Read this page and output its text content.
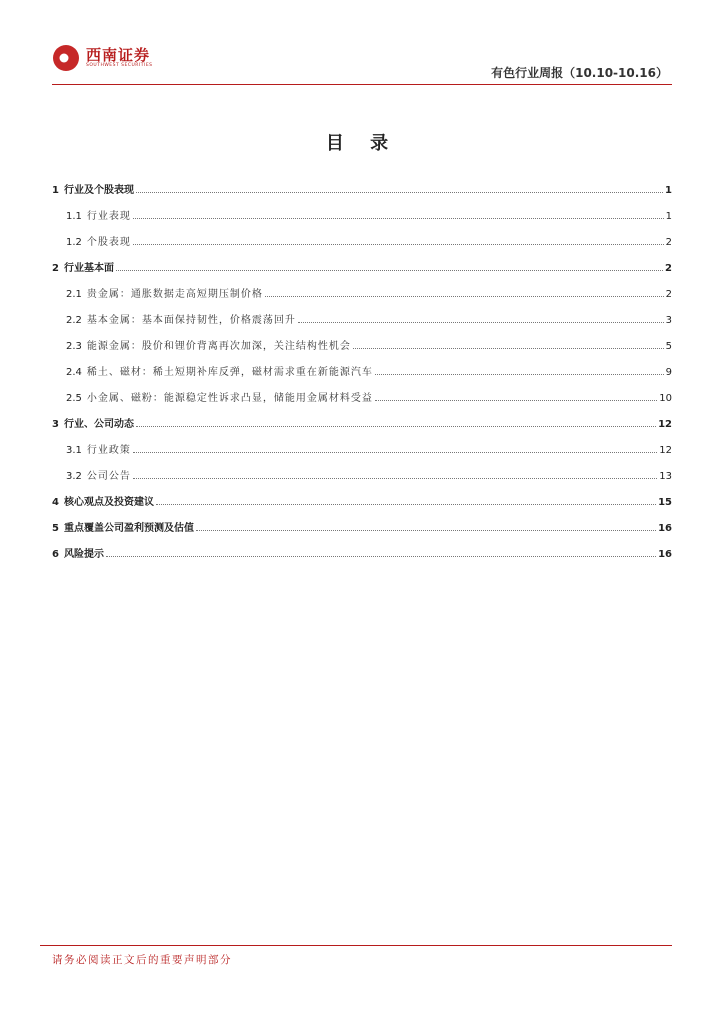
西南证券
SOUTHWEST SECURITIES
有色行业周报（10.10-10.16）
目 录
1 行业及个股表现	1
1.1 行业表现	1
1.2 个股表现	2
2 行业基本面	2
2.1 贵金属：通胀数据走高短期压制价格	2
2.2 基本金属：基本面保持韧性，价格震荡回升	3
2.3 能源金属：股价和锂价背离再次加深，关注结构性机会	5
2.4 稀土、磁材：稀土短期补库反弹，磁材需求重在新能源汽车	9
2.5 小金属、磁粉：能源稳定性诉求凸显，储能用金属材料受益	10
3 行业、公司动态	12
3.1 行业政策	12
3.2 公司公告	13
4 核心观点及投资建议	15
5 重点覆盖公司盈利预测及估值	16
6 风险提示	16
请务必阅读正文后的重要声明部分
